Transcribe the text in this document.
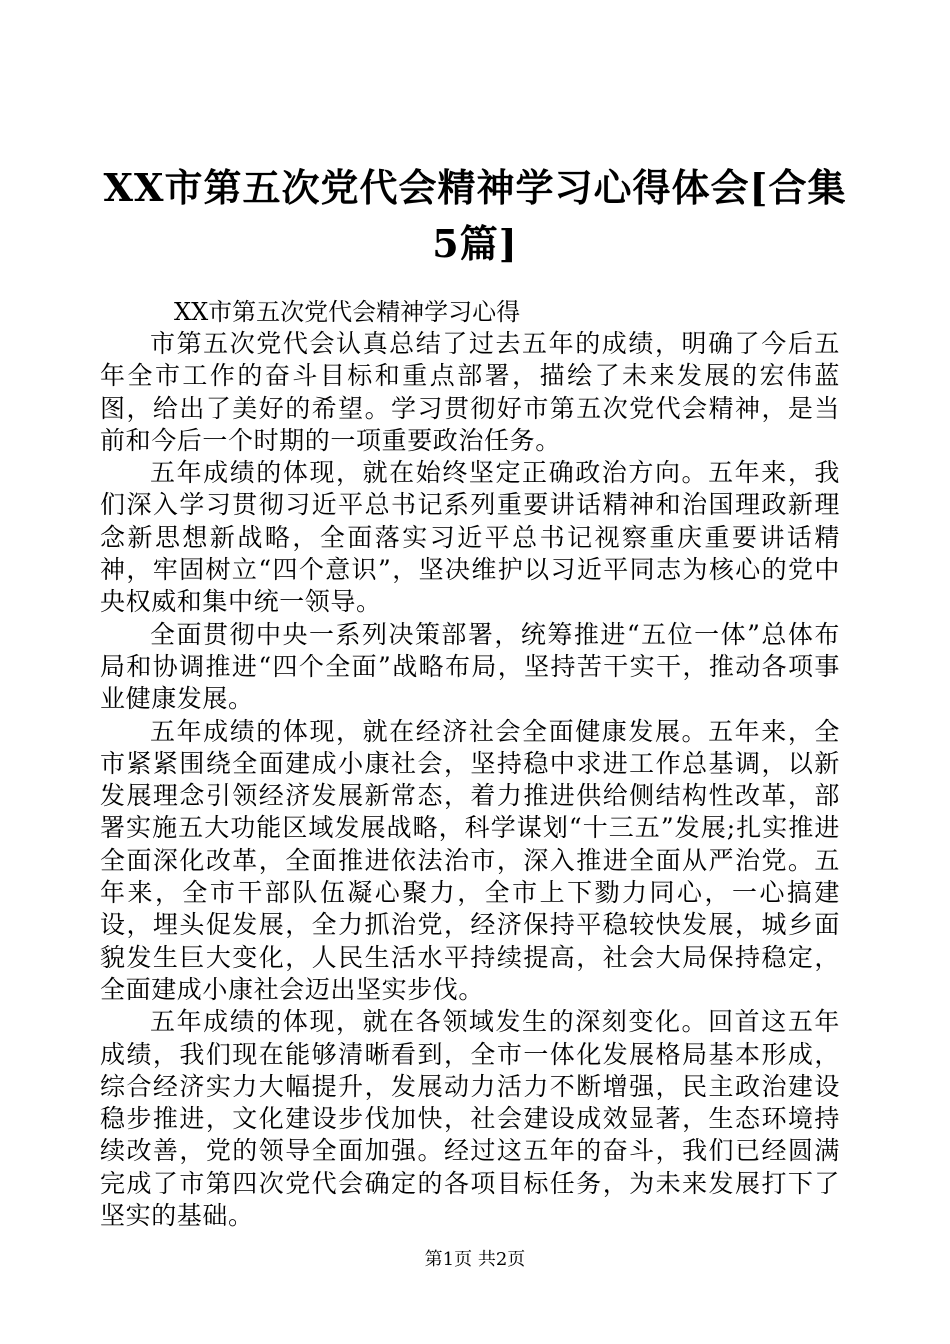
XX市第五次党代会精神学习心得体会[合集5篇]

XX市第五次党代会精神学习心得

市第五次党代会认真总结了过去五年的成绩，明确了今后五年全市工作的奋斗目标和重点部署，描绘了未来发展的宏伟蓝图，给出了美好的希望。学习贯彻好市第五次党代会精神，是当前和今后一个时期的一项重要政治任务。

五年成绩的体现，就在始终坚定正确政治方向。五年来，我们深入学习贯彻习近平总书记系列重要讲话精神和治国理政新理念新思想新战略，全面落实习近平总书记视察重庆重要讲话精神，牢固树立“四个意识”，坚决维护以习近平同志为核心的党中央权威和集中统一领导。

全面贯彻中央一系列决策部署，统筹推进“五位一体”总体布局和协调推进“四个全面”战略布局，坚持苦干实干，推动各项事业健康发展。

五年成绩的体现，就在经济社会全面健康发展。五年来，全市紧紧围绕全面建成小康社会，坚持稳中求进工作总基调，以新发展理念引领经济发展新常态，着力推进供给侧结构性改革，部署实施五大功能区域发展战略，科学谋划“十三五”发展;扎实推进全面深化改革，全面推进依法治市，深入推进全面从严治党。五年来，全市干部队伍凝心聚力，全市上下勠力同心，一心搞建设，埋头促发展，全力抓治党，经济保持平稳较快发展，城乡面貌发生巨大变化，人民生活水平持续提高，社会大局保持稳定，全面建成小康社会迈出坚实步伐。

五年成绩的体现，就在各领域发生的深刻变化。回首这五年成绩，我们现在能够清晰看到，全市一体化发展格局基本形成，综合经济实力大幅提升，发展动力活力不断增强，民主政治建设稳步推进，文化建设步伐加快，社会建设成效显著，生态环境持续改善，党的领导全面加强。经过这五年的奋斗，我们已经圆满完成了市第四次党代会确定的各项目标任务，为未来发展打下了坚实的基础。

第1页 共2页
